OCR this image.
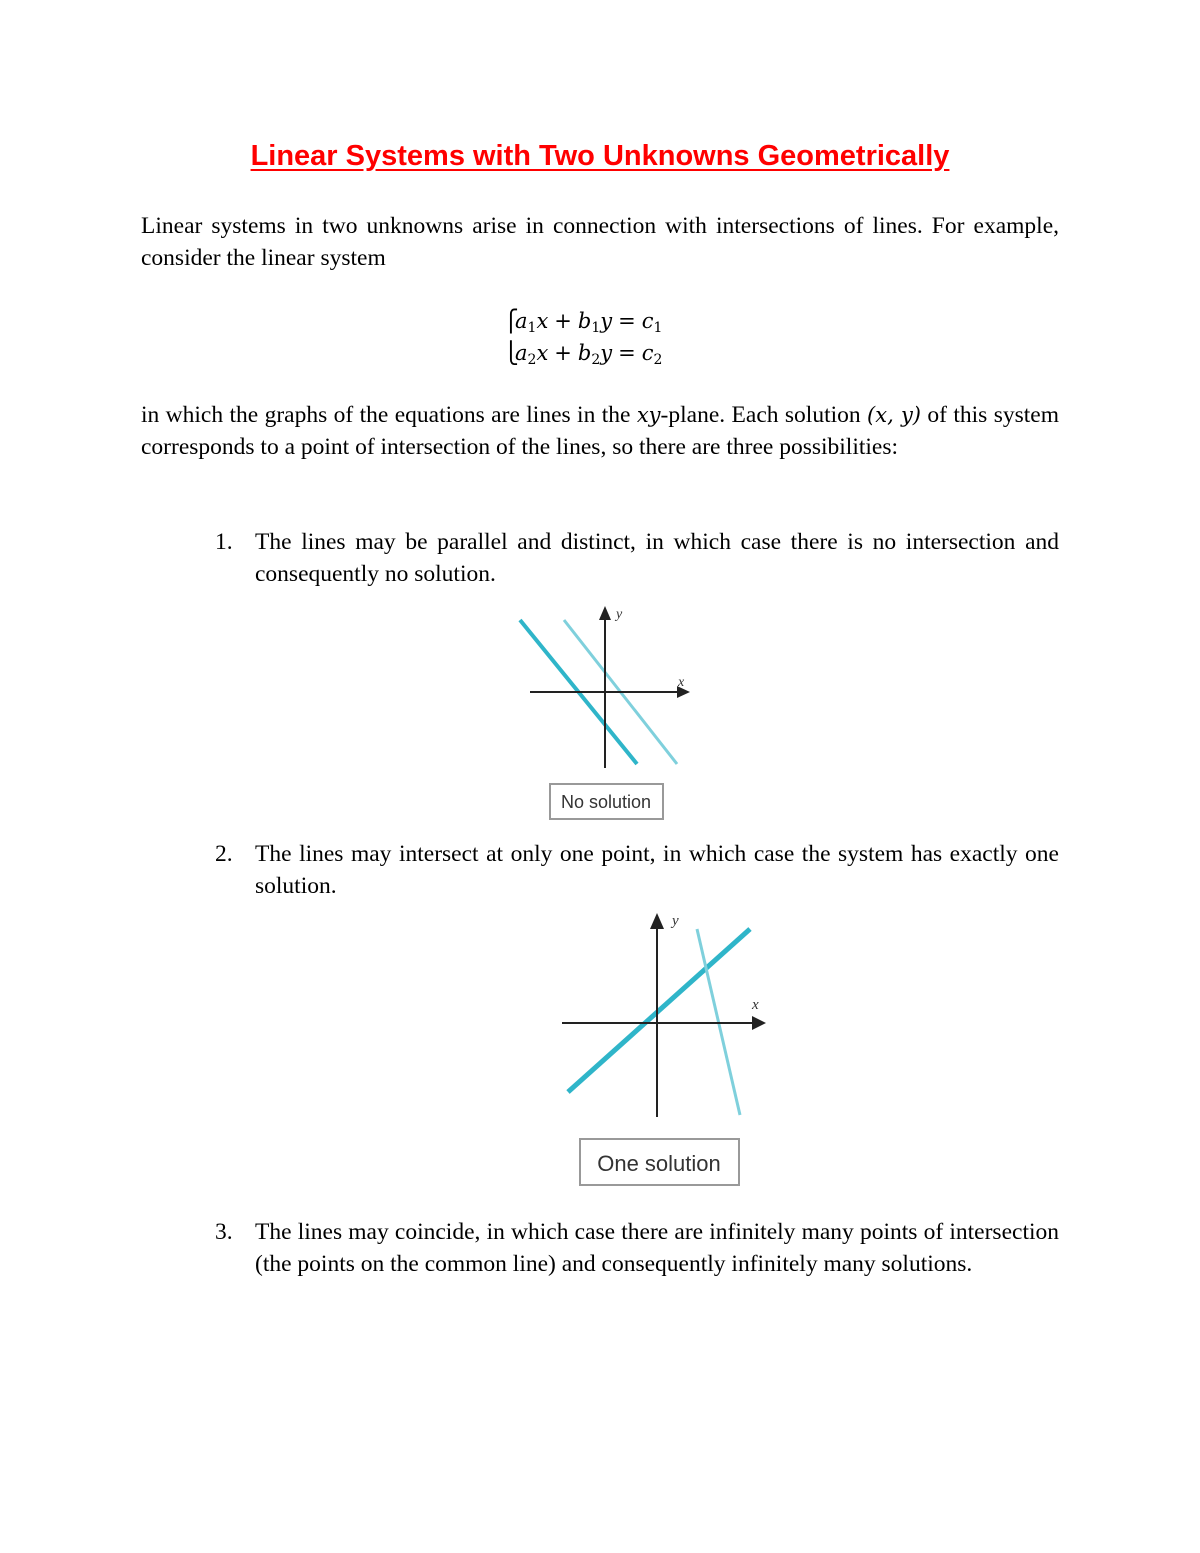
Linear Systems with Two Unknowns Geometrically
Linear systems in two unknowns arise in connection with intersections of lines. For example, consider the linear system
$⎧a_1x + b_1y = c_1$
$⎩a_2x + b_2y = c_2$
in which the graphs of the equations are lines in the xy-plane. Each solution (x, y) of this system corresponds to a point of intersection of the lines, so there are three possibilities:
1. The lines may be parallel and distinct, in which case there is no intersection and consequently no solution.
x
y
No solution
2. The lines may intersect at only one point, in which case the system has exactly one solution.
x
y
One solution
3. The lines may coincide, in which case there are infinitely many points of intersection (the points on the common line) and consequently infinitely many solutions.
